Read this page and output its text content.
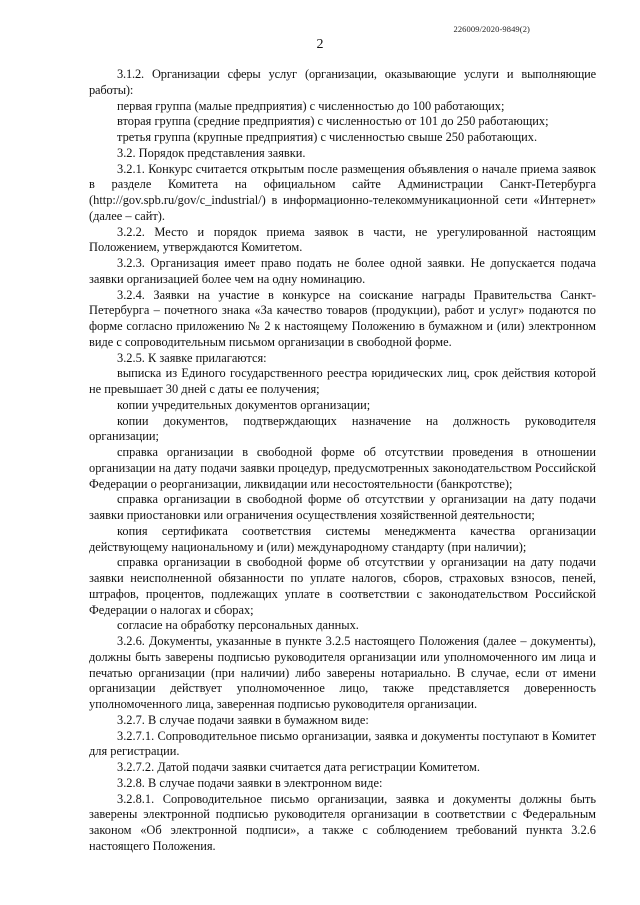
226009/2020-9849(2)
2

3.1.2. Организации сферы услуг (организации, оказывающие услуги и выполняющие работы):

первая группа (малые предприятия) с численностью до 100 работающих;

вторая группа (средние предприятия) с численностью от 101 до 250 работающих;

третья группа (крупные предприятия) с численностью свыше 250 работающих.

3.2. Порядок представления заявки.

3.2.1. Конкурс считается открытым после размещения объявления о начале приема заявок в разделе Комитета на официальном сайте Администрации Санкт-Петербурга (http://gov.spb.ru/gov/c_industrial/) в информационно-телекоммуникационной сети «Интернет» (далее – сайт).

3.2.2. Место и порядок приема заявок в части, не урегулированной настоящим Положением, утверждаются Комитетом.

3.2.3. Организация имеет право подать не более одной заявки. Не допускается подача заявки организацией более чем на одну номинацию.

3.2.4. Заявки на участие в конкурсе на соискание награды Правительства Санкт-Петербурга – почетного знака «За качество товаров (продукции), работ и услуг» подаются по форме согласно приложению № 2 к настоящему Положению в бумажном и (или) электронном виде с сопроводительным письмом организации в свободной форме.

3.2.5. К заявке прилагаются:

выписка из Единого государственного реестра юридических лиц, срок действия которой не превышает 30 дней с даты ее получения;

копии учредительных документов организации;

копии документов, подтверждающих назначение на должность руководителя организации;

справка организации в свободной форме об отсутствии проведения в отношении организации на дату подачи заявки процедур, предусмотренных законодательством Российской Федерации о реорганизации, ликвидации или несостоятельности (банкротстве);

справка организации в свободной форме об отсутствии у организации на дату подачи заявки приостановки или ограничения осуществления хозяйственной деятельности;

копия сертификата соответствия системы менеджмента качества организации действующему национальному и (или) международному стандарту (при наличии);

справка организации в свободной форме об отсутствии у организации на дату подачи заявки неисполненной обязанности по уплате налогов, сборов, страховых взносов, пеней, штрафов, процентов, подлежащих уплате в соответствии с законодательством Российской Федерации о налогах и сборах;

согласие на обработку персональных данных.

3.2.6. Документы, указанные в пункте 3.2.5 настоящего Положения (далее – документы), должны быть заверены подписью руководителя организации или уполномоченного им лица и печатью организации (при наличии) либо заверены нотариально. В случае, если от имени организации действует уполномоченное лицо, также представляется доверенность уполномоченного лица, заверенная подписью руководителя организации.

3.2.7. В случае подачи заявки в бумажном виде:

3.2.7.1. Сопроводительное письмо организации, заявка и документы поступают в Комитет для регистрации.

3.2.7.2. Датой подачи заявки считается дата регистрации Комитетом.

3.2.8. В случае подачи заявки в электронном виде:

3.2.8.1. Сопроводительное письмо организации, заявка и документы должны быть заверены электронной подписью руководителя организации в соответствии с Федеральным законом «Об электронной подписи», а также с соблюдением требований пункта 3.2.6 настоящего Положения.
